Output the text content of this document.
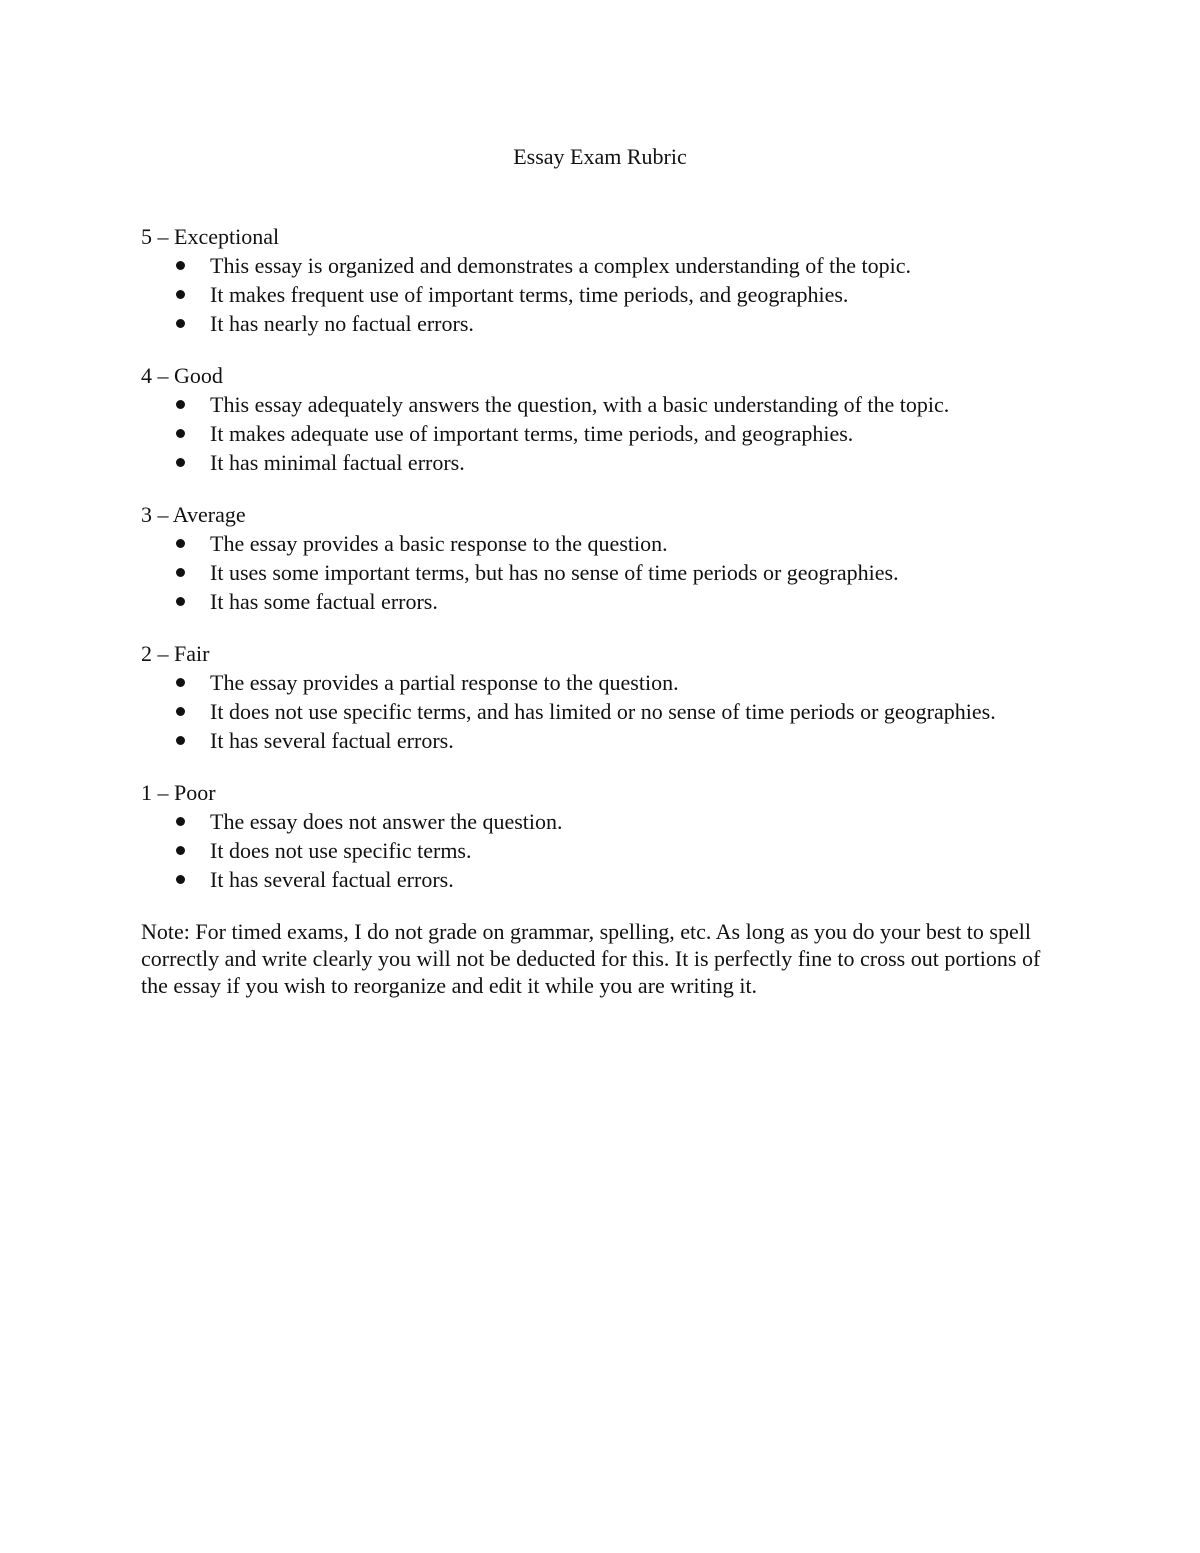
Essay Exam Rubric
5 – Exceptional
This essay is organized and demonstrates a complex understanding of the topic.
It makes frequent use of important terms, time periods, and geographies.
It has nearly no factual errors.
4 – Good
This essay adequately answers the question, with a basic understanding of the topic.
It makes adequate use of important terms, time periods, and geographies.
It has minimal factual errors.
3 – Average
The essay provides a basic response to the question.
It uses some important terms, but has no sense of time periods or geographies.
It has some factual errors.
2 – Fair
The essay provides a partial response to the question.
It does not use specific terms, and has limited or no sense of time periods or geographies.
It has several factual errors.
1 – Poor
The essay does not answer the question.
It does not use specific terms.
It has several factual errors.

Note: For timed exams, I do not grade on grammar, spelling, etc. As long as you do your best to spell correctly and write clearly you will not be deducted for this. It is perfectly fine to cross out portions of the essay if you wish to reorganize and edit it while you are writing it.
